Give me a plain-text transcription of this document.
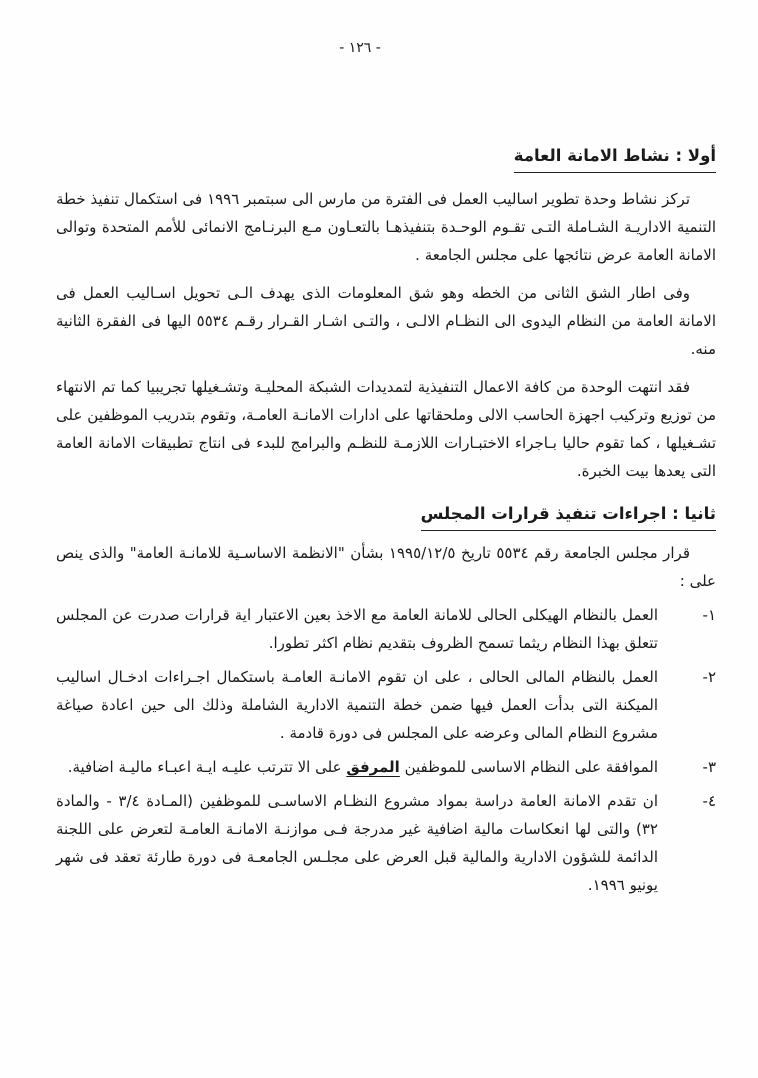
- ١٢٦ -
أولا : نشاط الامانة العامة

تركز نشاط وحدة تطوير اساليب العمل فى الفترة من مارس الى سبتمبر ١٩٩٦ فى استكمال تنفيذ خطة التنمية الاداريـة الشـاملة التـى تقـوم الوحـدة بتنفيذهـا بالتعـاون مـع البرنـامج الانمائى للأمم المتحدة وتوالى الامانة العامة عرض نتائجها على مجلس الجامعة .

وفى اطار الشق الثانى من الخطه وهو شق المعلومات الذى يهدف الـى تحويل اسـاليب العمل فى الامانة العامة من النظام اليدوى الى النظـام الالـى ، والتـى اشـار القـرار رقـم ٥٥٣٤ اليها فى الفقرة الثانية منه.

فقد انتهت الوحدة من كافة الاعمال التنفيذية لتمديدات الشبكة المحليـة وتشـغيلها تجريبيا كما تم الانتهاء من توزيع وتركيب اجهزة الحاسب الالى وملحقاتها على ادارات الامانـة العامـة، وتقوم بتدريب الموظفين على تشـغيلها ، كما تقوم حاليا بـاجراء الاختبـارات اللازمـة للنظـم والبرامج للبدء فى انتاج تطبيقات الامانة العامة التى يعدها بيت الخبرة.

ثانيا : اجراءات تنفيذ قرارات المجلس

قرار مجلس الجامعة رقم ٥٥٣٤ تاريخ ١٩٩٥/١٢/٥ بشأن "الانظمة الاساسـية للامانـة العامة" والذى ينص على :

١-
العمل بالنظام الهيكلى الحالى للامانة العامة مع الاخذ بعين الاعتبار اية قرارات صدرت عن المجلس تتعلق بهذا النظام ريثما تسمح الظروف بتقديم نظام اكثر تطورا.
٢-
العمل بالنظام المالى الحالى ، على ان تقوم الامانـة العامـة باستكمال اجـراءات ادخـال اساليب الميكنة التى بدأت العمل فيها ضمن خطة التنمية الادارية الشاملة وذلك الى حين اعادة صياغة مشروع النظام المالى وعرضه على المجلس فى دورة قادمة .
٣-
الموافقة على النظام الاساسى للموظفين المرفق على الا تترتب عليـه ايـة اعبـاء ماليـة اضافية.
٤-
ان تقدم الامانة العامة دراسة بمواد مشروع النظـام الاساسـى للموظفين (المـادة ٣/٤ - والمادة ٣٢) والتى لها انعكاسات مالية اضافية غير مدرجة فـى موازنـة الامانـة العامـة لتعرض على اللجنة الدائمة للشؤون الادارية والمالية قبل العرض على مجلـس الجامعـة فى دورة طارئة تعقد فى شهر يونيو ١٩٩٦.
